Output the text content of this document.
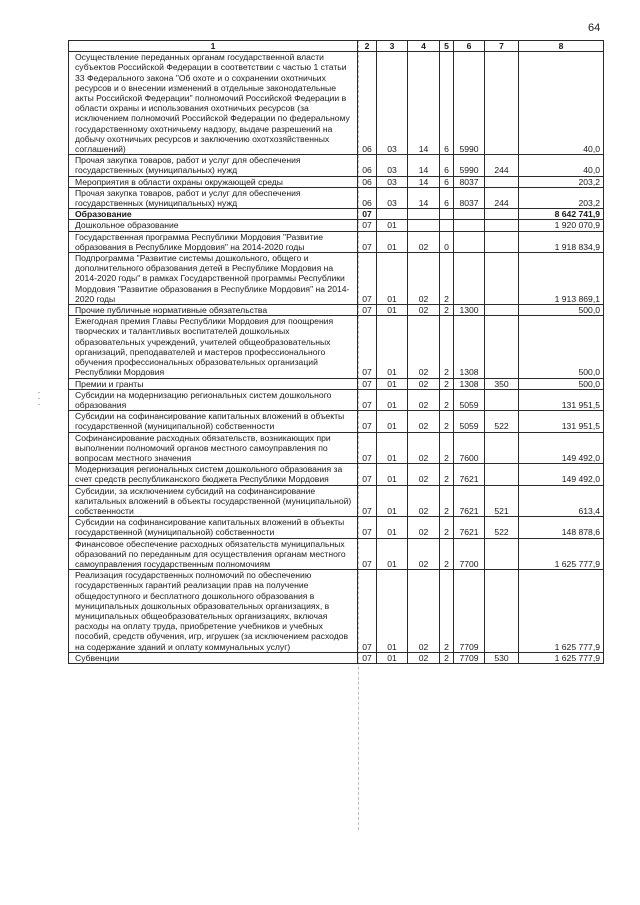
64
1	2	3	4	5	6	7	8
Осуществление переданных органам государственной власти субъектов Российской Федерации в соответствии с частью 1 статьи 33 Федерального закона "Об охоте и о сохранении охотничьих ресурсов и о внесении изменений в отдельные законодательные акты Российской Федерации" полномочий Российской Федерации в области охраны и использования охотничьих ресурсов (за исключением полномочий Российской Федерации по федеральному государственному охотничьему надзору, выдаче разрешений на добычу охотничьих ресурсов и заключению охотхозяйственных соглашений)	06	03	14	6	5990		40,0
Прочая закупка товаров, работ и услуг для обеспечения государственных (муниципальных) нужд	06	03	14	6	5990	244	40,0
Мероприятия в области охраны окружающей среды	06	03	14	6	8037		203,2
Прочая закупка товаров, работ и услуг для обеспечения государственных (муниципальных) нужд	06	03	14	6	8037	244	203,2
Образование	07						8 642 741,9
Дошкольное образование	07	01					1 920 070,9
Государственная программа Республики Мордовия "Развитие образования в Республике Мордовия" на 2014-2020 годы	07	01	02	0			1 918 834,9
Подпрограмма "Развитие системы дошкольного, общего и дополнительного образования детей в Республике Мордовия на 2014-2020 годы" в рамках Государственной программы Республики Мордовия "Развитие образования в Республике Мордовия" на 2014-2020 годы	07	01	02	2			1 913 869,1
Прочие публичные нормативные обязательства	07	01	02	2	1300		500,0
Ежегодная премия Главы Республики Мордовия для поощрения творческих и талантливых воспитателей дошкольных образовательных учреждений, учителей общеобразовательных организаций, преподавателей и мастеров профессионального обучения профессиональных образовательных организаций Республики Мордовия	07	01	02	2	1308		500,0
Премии и гранты	07	01	02	2	1308	350	500,0
Субсидии на модернизацию региональных систем дошкольного образования	07	01	02	2	5059		131 951,5
Субсидии на софинансирование капитальных вложений в объекты государственной (муниципальной) собственности	07	01	02	2	5059	522	131 951,5
Софинансирование расходных обязательств, возникающих при выполнении полномочий органов местного самоуправления по вопросам местного значения	07	01	02	2	7600		149 492,0
Модернизация региональных систем дошкольного образования за счет средств республиканского бюджета Республики Мордовия	07	01	02	2	7621		149 492,0
Субсидии, за исключением субсидий на софинансирование капитальных вложений в объекты государственной (муниципальной) собственности	07	01	02	2	7621	521	613,4
Субсидии на софинансирование капитальных вложений в объекты государственной (муниципальной) собственности	07	01	02	2	7621	522	148 878,6
Финансовое обеспечение расходных обязательств муниципальных образований по переданным для осуществления органам местного самоуправления государственным полномочиям	07	01	02	2	7700		1 625 777,9
Реализация государственных полномочий по обеспечению государственных гарантий реализации прав на получение общедоступного и бесплатного дошкольного образования в муниципальных дошкольных образовательных организациях, в муниципальных общеобразовательных организациях, включая расходы на оплату труда, приобретение учебников и учебных пособий, средств обучения, игр, игрушек (за исключением расходов на содержание зданий и оплату коммунальных услуг)	07	01	02	2	7709		1 625 777,9
Субвенции	07	01	02	2	7709	530	1 625 777,9
